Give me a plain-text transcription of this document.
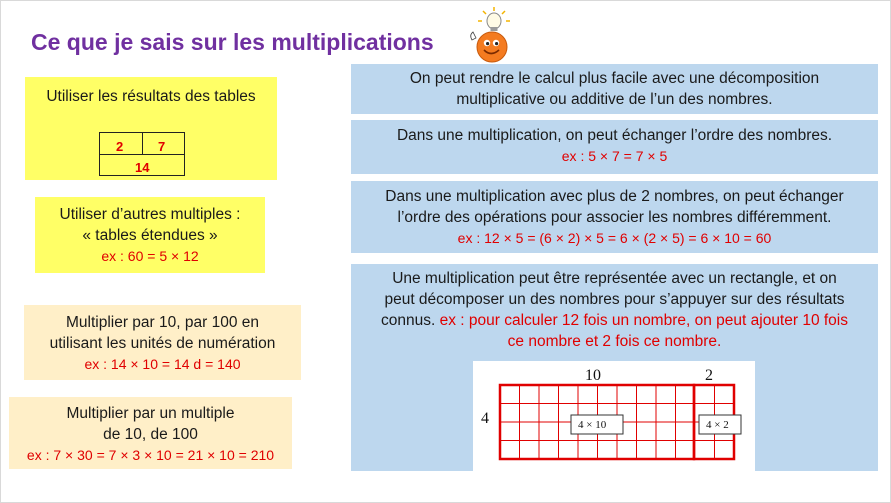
Ce que je sais sur les multiplications
Utiliser les résultats des tables
2	7
14
Utiliser d’autres multiples :
« tables étendues »
ex : 60 = 5 × 12
Multiplier par 10, par 100 en
utilisant les unités de numération
ex : 14 × 10 = 14 d = 140
Multiplier par un multiple
de 10, de 100
ex : 7 × 30 = 7 × 3 × 10 = 21 × 10 = 210
On peut rendre le calcul plus facile avec une décomposition
multiplicative ou additive de l’un des nombres.
Dans une multiplication, on peut échanger l’ordre des nombres.
ex : 5 × 7 = 7 × 5
Dans une multiplication avec plus de 2 nombres, on peut échanger
l’ordre des opérations pour associer les nombres différemment.
ex : 12 × 5 = (6 × 2) × 5 = 6 × (2 × 5) = 6 × 10 = 60
Une multiplication peut être représentée avec un rectangle, et on
peut décomposer un des nombres pour s’appuyer sur des résultats
connus. ex : pour calculer 12 fois un nombre, on peut ajouter 10 fois
ce nombre et 2 fois ce nombre.
10	2
4	4 × 10	4 × 2
